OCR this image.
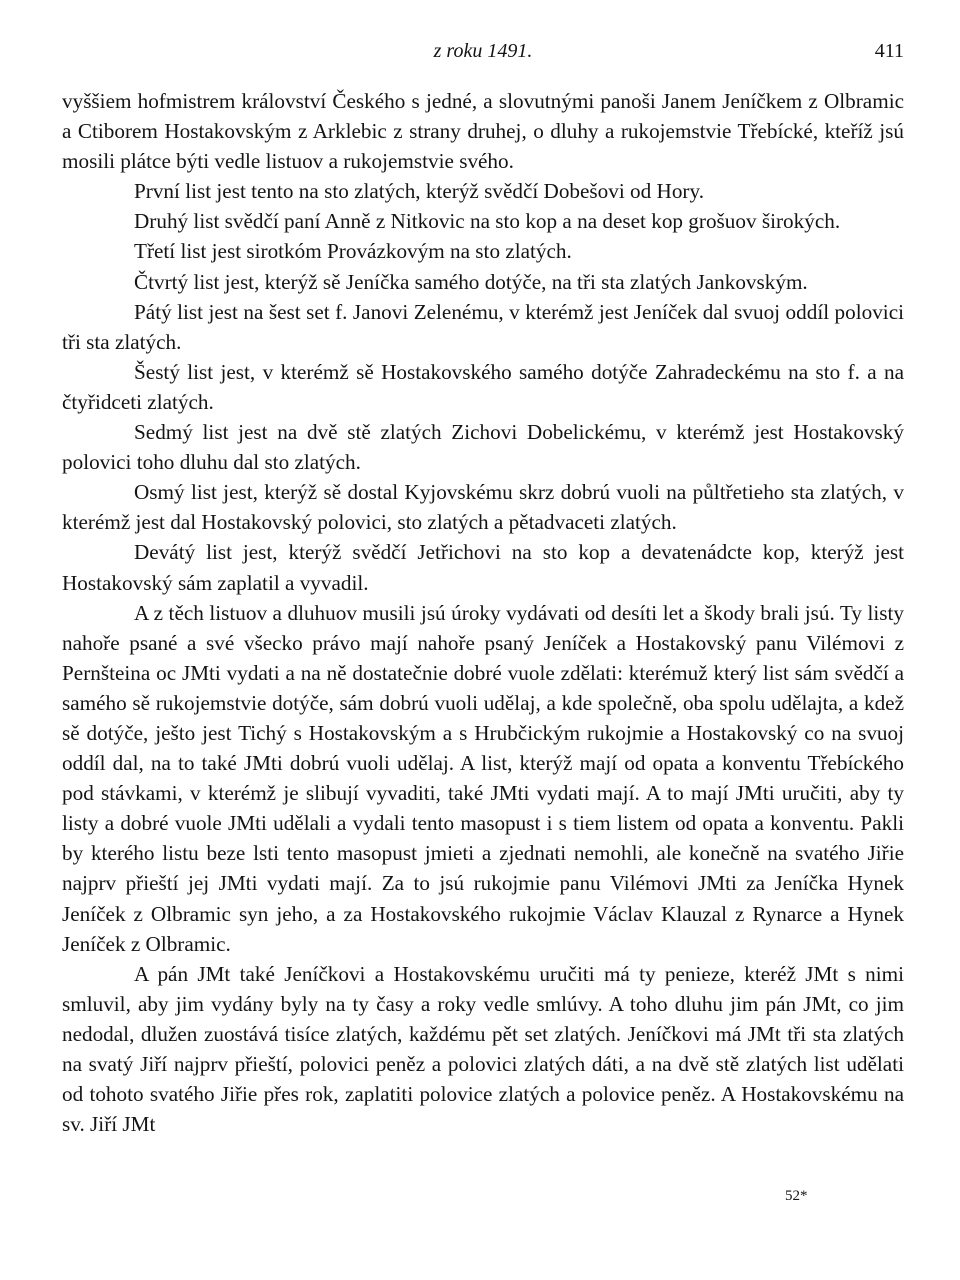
z roku 1491.	411

vyššiem hofmistrem království Českého s jedné, a slovutnými panoši Janem Jeníčkem z Olbramic a Ctiborem Hostakovským z Arklebic z strany druhej, o dluhy a rukojemstvie Třebícké, kteříž jsú mosili plátce býti vedle listuov a rukojemstvie svého.

První list jest tento na sto zlatých, kterýž svědčí Dobešovi od Hory.

Druhý list svědčí paní Anně z Nitkovic na sto kop a na deset kop grošuov širokých.

Třetí list jest sirotkóm Provázkovým na sto zlatých.

Čtvrtý list jest, kterýž sě Jeníčka samého dotýče, na tři sta zlatých Jankovským.

Pátý list jest na šest set f. Janovi Zelenému, v kterémž jest Jeníček dal svuoj oddíl polovici tři sta zlatých.

Šestý list jest, v kterémž sě Hostakovského samého dotýče Zahradeckému na sto f. a na čtyřidceti zlatých.

Sedmý list jest na dvě stě zlatých Zichovi Dobelickému, v kterémž jest Hostakovský polovici toho dluhu dal sto zlatých.

Osmý list jest, kterýž sě dostal Kyjovskému skrz dobrú vuoli na půltřetieho sta zlatých, v kterémž jest dal Hostakovský polovici, sto zlatých a pětadvaceti zlatých.

Devátý list jest, kterýž svědčí Jetřichovi na sto kop a devatenádcte kop, kterýž jest Hostakovský sám zaplatil a vyvadil.

A z těch listuov a dluhuov musili jsú úroky vydávati od desíti let a škody brali jsú. Ty listy nahoře psané a své všecko právo mají nahoře psaný Jeníček a Hostakovský panu Vilémovi z Pernšteina oc JMti vydati a na ně dostatečnie dobré vuole zdělati: kterémuž který list sám svědčí a samého sě rukojemstvie dotýče, sám dobrú vuoli udělaj, a kde společně, oba spolu udělajta, a kdež sě dotýče, ješto jest Tichý s Hostakovským a s Hrubčickým rukojmie a Hostakovský co na svuoj oddíl dal, na to také JMti dobrú vuoli udělaj. A list, kterýž mají od opata a konventu Třebíckého pod stávkami, v kterémž je slibují vyvaditi, také JMti vydati mají. A to mají JMti uručiti, aby ty listy a dobré vuole JMti udělali a vydali tento masopust i s tiem listem od opata a konventu. Pakli by kterého listu beze lsti tento masopust jmieti a zjednati nemohli, ale konečně na svatého Jiřie najprv přieští jej JMti vydati mají. Za to jsú rukojmie panu Vilémovi JMti za Jeníčka Hynek Jeníček z Olbramic syn jeho, a za Hostakovského rukojmie Václav Klauzal z Rynarce a Hynek Jeníček z Olbramic.

A pán JMt také Jeníčkovi a Hostakovskému uručiti má ty penieze, kteréž JMt s nimi smluvil, aby jim vydány byly na ty časy a roky vedle smlúvy. A toho dluhu jim pán JMt, co jim nedodal, dlužen zuostává tisíce zlatých, každému pět set zlatých. Jeníčkovi má JMt tři sta zlatých na svatý Jiří najprv přieští, polovici peněz a polovici zlatých dáti, a na dvě stě zlatých list udělati od tohoto svatého Jiřie přes rok, zaplatiti polovice zlatých a polovice peněz. A Hostakovskému na sv. Jiří JMt

52*
